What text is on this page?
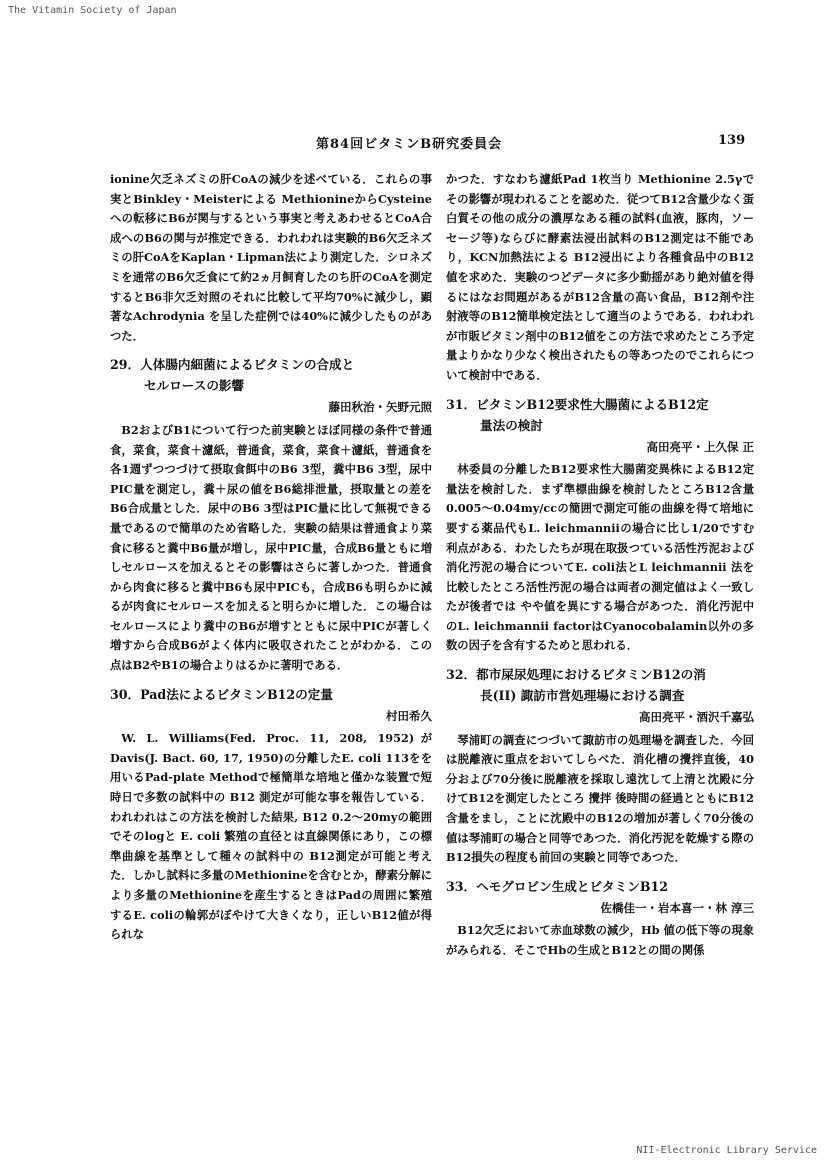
The Vitamin Society of Japan
第84回ビタミンB研究委員会	139

ionine欠乏ネズミの肝CoAの減少を述べている．これらの事実とBinkley・Meisterによる MethionineからCysteine への転移にB6が関与するという事実と考えあわせるとCoA合成へのB6の関与が推定できる．われわれは実験的B6欠乏ネズミの肝CoAをKaplan・Lipman法により測定した．シロネズミを通常のB6欠乏食にて約2ヵ月飼育したのち肝のCoAを測定するとB6非欠乏対照のそれに比較して平均70%に減少し，顕著なAchrodynia を呈した症例では40%に減少したものがあつた．

29．人体腸内細菌によるビタミンの合成と
セルロースの影響
藤田秋治・矢野元照

B2およびB1について行つた前実験とほぼ同様の条件で普通食，菜食，菜食＋濾紙，普通食，菜食，菜食＋濾紙，普通食を各1週ずつつづけて摂取食餌中のB6 3型，糞中B6 3型，尿中PIC量を測定し，糞＋尿の値をB6総排泄量，摂取量との差をB6合成量とした．尿中のB6 3型はPIC量に比して無視できる量であるので簡単のため省略した．実験の結果は普通食より菜食に移ると糞中B6量が増し，尿中PIC量，合成B6量ともに増しセルロースを加えるとその影響はさらに著しかつた．普通食から肉食に移ると糞中B6も尿中PICも，合成B6も明らかに減るが肉食にセルロースを加えると明らかに増した．この場合はセルロースにより糞中のB6が増すとともに尿中PICが著しく増すから合成B6がよく体内に吸収されたことがわかる．この点はB2やB1の場合よりはるかに著明である．

30．Pad法によるビタミンB12の定量
村田希久

W. L. Williams(Fed. Proc. 11, 208, 1952)がDavis(J. Bact. 60, 17, 1950)の分離したE. coli 113をを用いるPad-plate Methodで極簡単な培地と僅かな装置で短時日で多数の試料中の B12 測定が可能な事を報告している．われわれはこの方法を検討した結果, B12 0.2〜20myの範囲でそのlogと E. coli 繁殖の直径とは直線関係にあり，この標準曲線を基準として種々の試料中の B12測定が可能と考えた．しかし試料に多量のMethionineを含むとか，酵素分解により多量のMethionineを産生するときはPadの周囲に繁殖するE. coliの輪郭がぼやけて大きくなり，正しいB12値が得られな

かつた．すなわち濾紙Pad 1枚当り Methionine 2.5γでその影響が現われることを認めた．従つてB12含量少なく蛋白質その他の成分の濃厚なある種の試料(血液，豚肉，ソーセージ等)ならびに酵素法浸出試料のB12測定は不能であり，KCN加熱法による B12浸出により各種食品中のB12値を求めた．実験のつどデータに多少動揺があり絶対値を得るにはなお問題があるがB12含量の高い食品，B12剤や注射液等のB12簡単検定法として適当のようである．われわれが市販ビタミン剤中のB12値をこの方法で求めたところ予定量よりかなり少なく検出されたもの等あつたのでこれらについて検討中である．

31．ビタミンB12要求性大腸菌によるB12定
量法の検討
高田亮平・上久保 正

林委員の分離したB12要求性大腸菌変異株によるB12定量法を検討した．まず準標曲線を検討したところB12含量0.005〜0.04my/ccの簡囲で測定可能の曲線を得て培地に要する薬品代もL. leichmanniiの場合に比し1/20ですむ利点がある．わたしたちが現在取扱つている活性汚泥および消化汚泥の場合についてE. coli法とL leichmannii 法を比較したところ活性汚泥の場合は両者の測定値はよく一致したが後者では やや値を異にする場合があつた．消化汚泥中のL. leichmannii factorはCyanocobalamin以外の多数の因子を含有するためと思われる．

32．都市屎尿処理におけるビタミンB12の消
長(II) 諏訪市営処理場における調査
高田亮平・酒沢千嘉弘

琴浦町の調査につづいて諏訪市の処理場を調査した．今回は脱離液に重点をおいてしらべた．消化槽の攪拌直後，40分および70分後に脱離液を採取し遠沈して上清と沈殿に分けてB12を測定したところ 攪拌 後時間の経過とともにB12含量をまし，ことに沈殿中のB12の増加が著しく70分後の値は琴浦町の場合と同等であつた．消化汚泥を乾燥する際のB12損失の程度も前回の実験と同等であつた．

33．ヘモグロビン生成とビタミンB12
佐橋佳一・岩本喜一・林 淳三

B12欠乏において赤血球数の減少，Hb 値の低下等の現象がみられる．そこでHbの生成とB12との間の関係

NII-Electronic Library Service
